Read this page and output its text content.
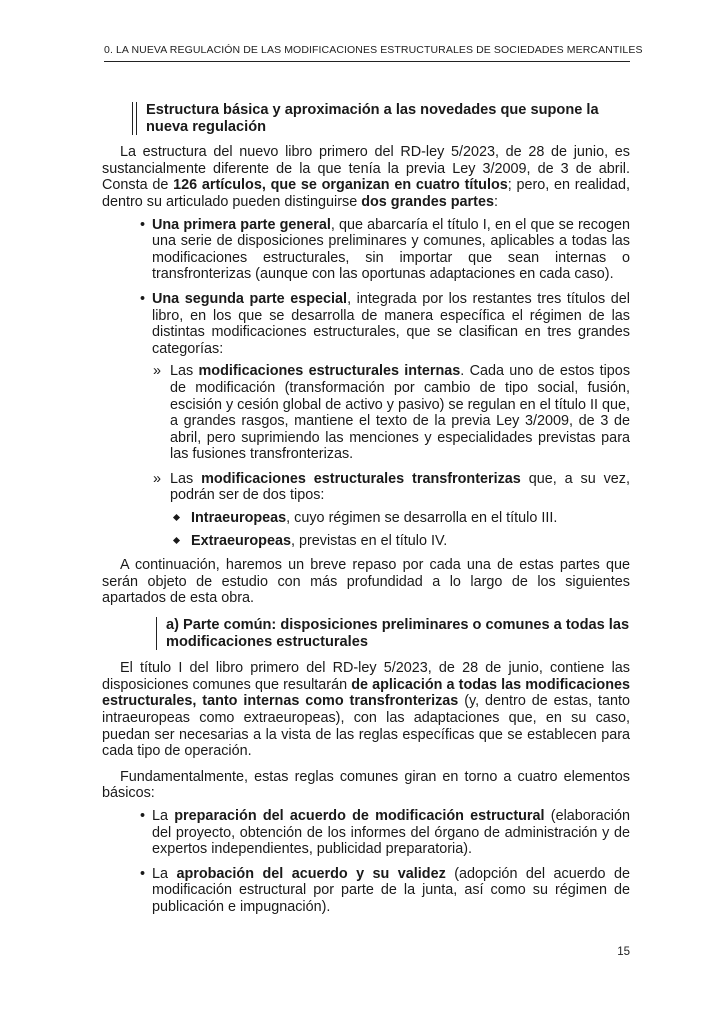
0. LA NUEVA REGULACIÓN DE LAS MODIFICACIONES ESTRUCTURALES DE SOCIEDADES MERCANTILES
Estructura básica y aproximación a las novedades que supone la nueva regulación

La estructura del nuevo libro primero del RD-ley 5/2023, de 28 de junio, es sustancialmente diferente de la que tenía la previa Ley 3/2009, de 3 de abril. Consta de 126 artículos, que se organizan en cuatro títulos; pero, en realidad, dentro su articulado pueden distinguirse dos grandes partes:

• Una primera parte general, que abarcaría el título I, en el que se recogen una serie de disposiciones preliminares y comunes, aplicables a todas las modificaciones estructurales, sin importar que sean internas o transfronterizas (aunque con las oportunas adaptaciones en cada caso).
• Una segunda parte especial, integrada por los restantes tres títulos del libro, en los que se desarrolla de manera específica el régimen de las distintas modificaciones estructurales, que se clasifican en tres grandes categorías:
» Las modificaciones estructurales internas. Cada uno de estos tipos de modificación (transformación por cambio de tipo social, fusión, escisión y cesión global de activo y pasivo) se regulan en el título II que, a grandes rasgos, mantiene el texto de la previa Ley 3/2009, de 3 de abril, pero suprimiendo las menciones y especialidades previstas para las fusiones transfronterizas.
» Las modificaciones estructurales transfronterizas que, a su vez, podrán ser de dos tipos:
Intraeuropeas, cuyo régimen se desarrolla en el título III.
Extraeuropeas, previstas en el título IV.

A continuación, haremos un breve repaso por cada una de estas partes que serán objeto de estudio con más profundidad a lo largo de los siguientes apartados de esta obra.

a) Parte común: disposiciones preliminares o comunes a todas las modificaciones estructurales

El título I del libro primero del RD-ley 5/2023, de 28 de junio, contiene las disposiciones comunes que resultarán de aplicación a todas las modificaciones estructurales, tanto internas como transfronterizas (y, dentro de estas, tanto intraeuropeas como extraeuropeas), con las adaptaciones que, en su caso, puedan ser necesarias a la vista de las reglas específicas que se establecen para cada tipo de operación.

Fundamentalmente, estas reglas comunes giran en torno a cuatro elementos básicos:

• La preparación del acuerdo de modificación estructural (elaboración del proyecto, obtención de los informes del órgano de administración y de expertos independientes, publicidad preparatoria).
• La aprobación del acuerdo y su validez (adopción del acuerdo de modificación estructural por parte de la junta, así como su régimen de publicación e impugnación).
15
